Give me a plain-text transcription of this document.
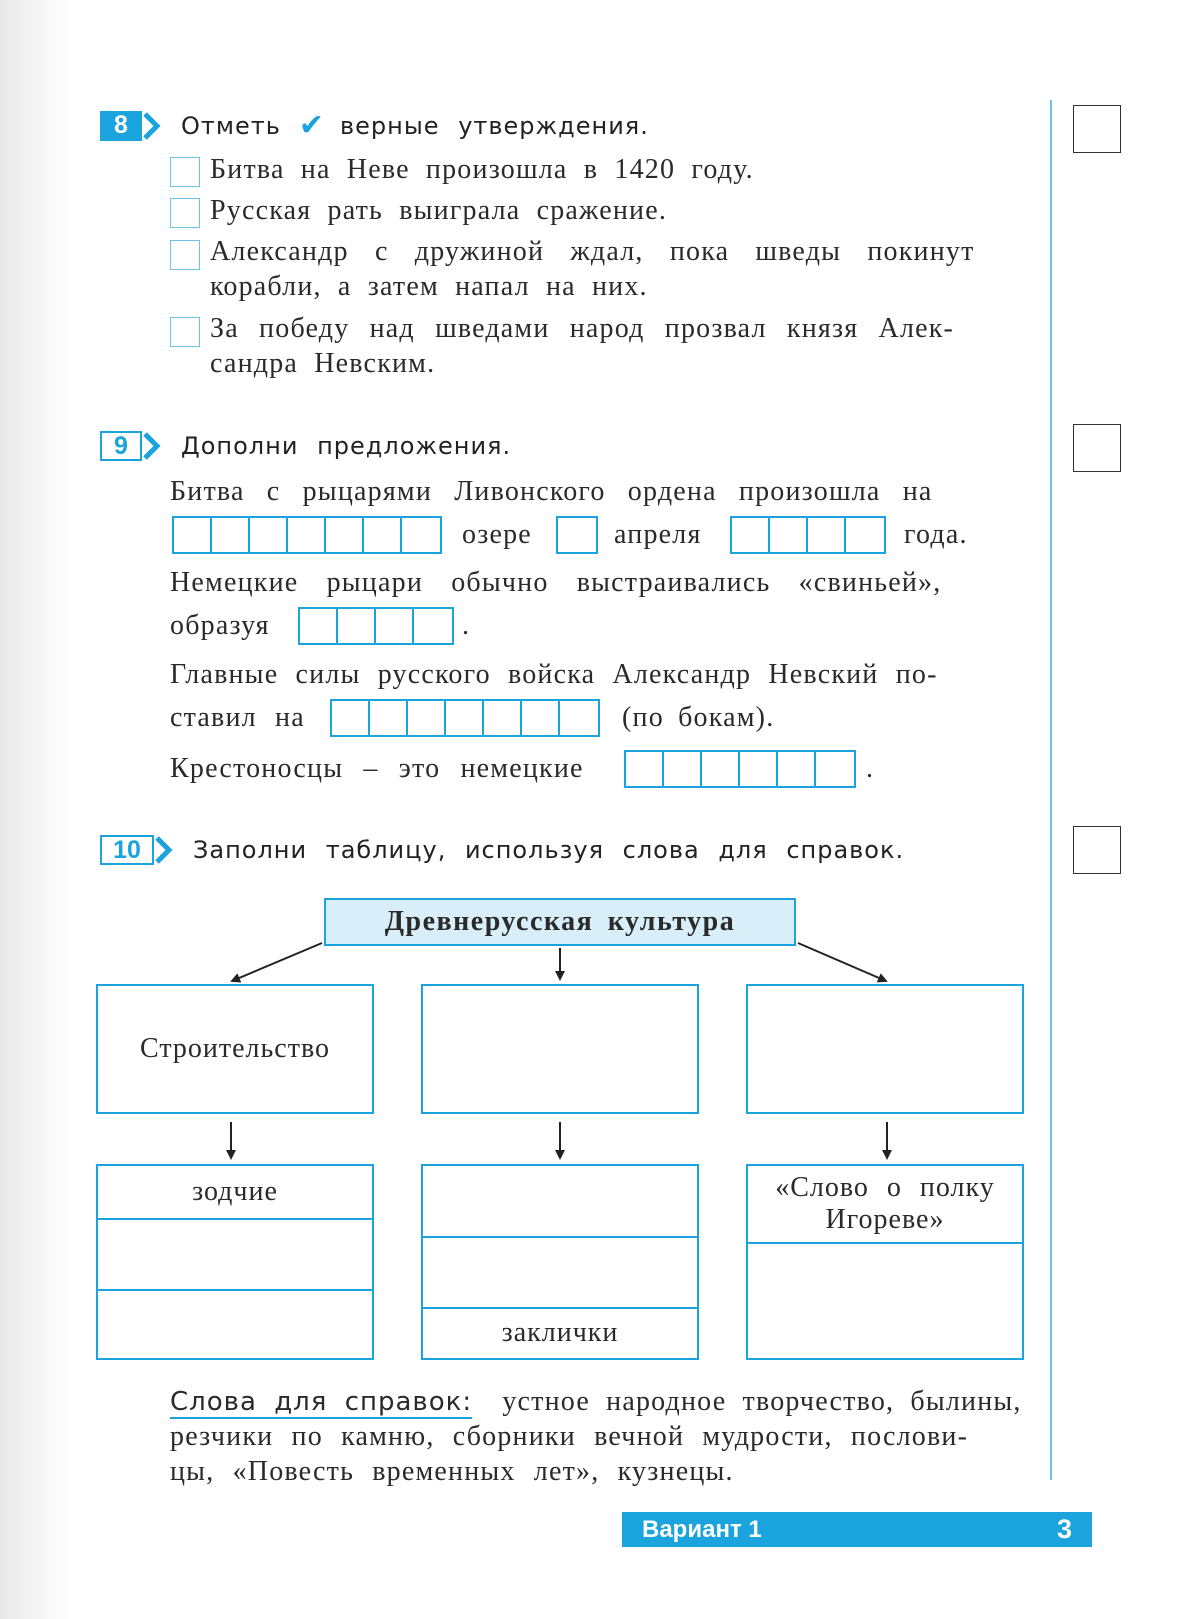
8	Отметь ✔ верные утверждения.
Битва на Неве произошла в 1420 году.
Русская рать выиграла сражение.
Александр с дружиной ждал, пока шведы покинут
корабли, а затем напал на них.
За победу над шведами народ прозвал князя Алек-
сандра Невским.
9	Дополни предложения.
Битва с рыцарями Ливонского ордена произошла на
озере	апреля	года.
Немецкие рыцари обычно выстраивались «свиньей»,
образуя	.
Главные силы русского войска Александр Невский по-
ставил на	(по бокам).
Крестоносцы – это немецкие	.
10	Заполни таблицу, используя слова для справок.
Древнерусская культура
Строительство
зодчие
заклички
«Слово о полку Игореве»
Слова для справок: устное народное творчество, былины,
резчики по камню, сборники вечной мудрости, послови-
цы, «Повесть временных лет», кузнецы.
Вариант 1	3
